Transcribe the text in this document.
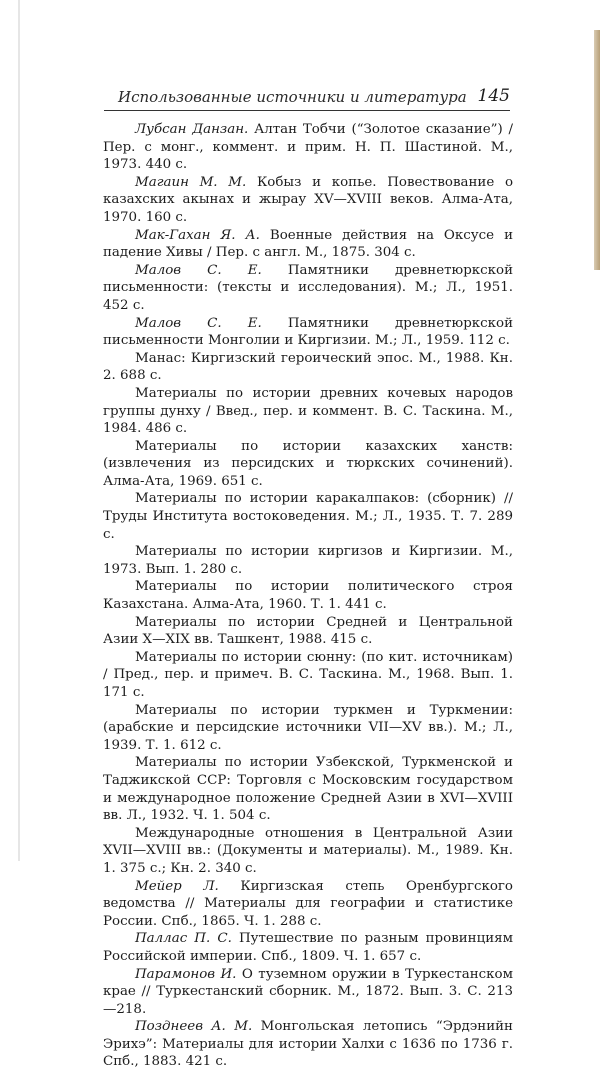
Использованные источники и литература 145

Лубсан Данзан. Алтан Тобчи (“Золотое сказание”) / Пер. с монг., коммент. и прим. Н. П. Шастиной. М., 1973. 440 с.

Магаuн М. М. Кобыз и копье. Повествование о казахских акынах и жырау XV—XVIII веков. Алма-Ата, 1970. 160 с.

Мак-Гахан Я. А. Военные действия на Оксусе и падение Хивы / Пер. с англ. М., 1875. 304 с.

Малов С. Е. Памятники древнетюркской письменности: (тексты и исследования). М.; Л., 1951. 452 с.

Малов С. Е. Памятники древнетюркской письменности Монголии и Киргизии. М.; Л., 1959. 112 с.

Манас: Киргизский героический эпос. М., 1988. Кн. 2. 688 с.

Материалы по истории древних кочевых народов группы дунху / Введ., пер. и коммент. В. С. Таскина. М., 1984. 486 с.

Материалы по истории казахских ханств: (извлечения из персидских и тюркских сочинений). Алма-Ата, 1969. 651 с.

Материалы по истории каракалпаков: (сборник) // Труды Института востоковедения. М.; Л., 1935. Т. 7. 289 с.

Материалы по истории киргизов и Киргизии. М., 1973. Вып. 1. 280 с.

Материалы по истории политического строя Казахстана. Алма-Ата, 1960. Т. 1. 441 с.

Материалы по истории Средней и Центральной Азии X—XIX вв. Ташкент, 1988. 415 с.

Материалы по истории сюнну: (по кит. источникам) / Пред., пер. и примеч. В. С. Таскина. М., 1968. Вып. 1. 171 с.

Материалы по истории туркмен и Туркмении: (арабские и персидские источники VII—XV вв.). М.; Л., 1939. Т. 1. 612 с.

Материалы по истории Узбекской, Туркменской и Таджикской ССР: Торговля с Московским государством и международное положение Средней Азии в XVI—XVIII вв. Л., 1932. Ч. 1. 504 с.

Международные отношения в Центральной Азии XVII—XVIII вв.: (Документы и материалы). М., 1989. Кн. 1. 375 с.; Кн. 2. 340 с.

Мейер Л. Киргизская степь Оренбургского ведомства // Материалы для географии и статистике России. Спб., 1865. Ч. 1. 288 с.

Паллас П. С. Путешествие по разным провинциям Российской империи. Спб., 1809. Ч. 1. 657 с.

Парамонов И. О туземном оружии в Туркестанском крае // Туркестанский сборник. М., 1872. Вып. 3. С. 213—218.

Позднеев А. М. Монгольская летопись “Эрдэнийн Эрихэ”: Материалы для истории Халхи с 1636 по 1736 г. Спб., 1883. 421 с.
